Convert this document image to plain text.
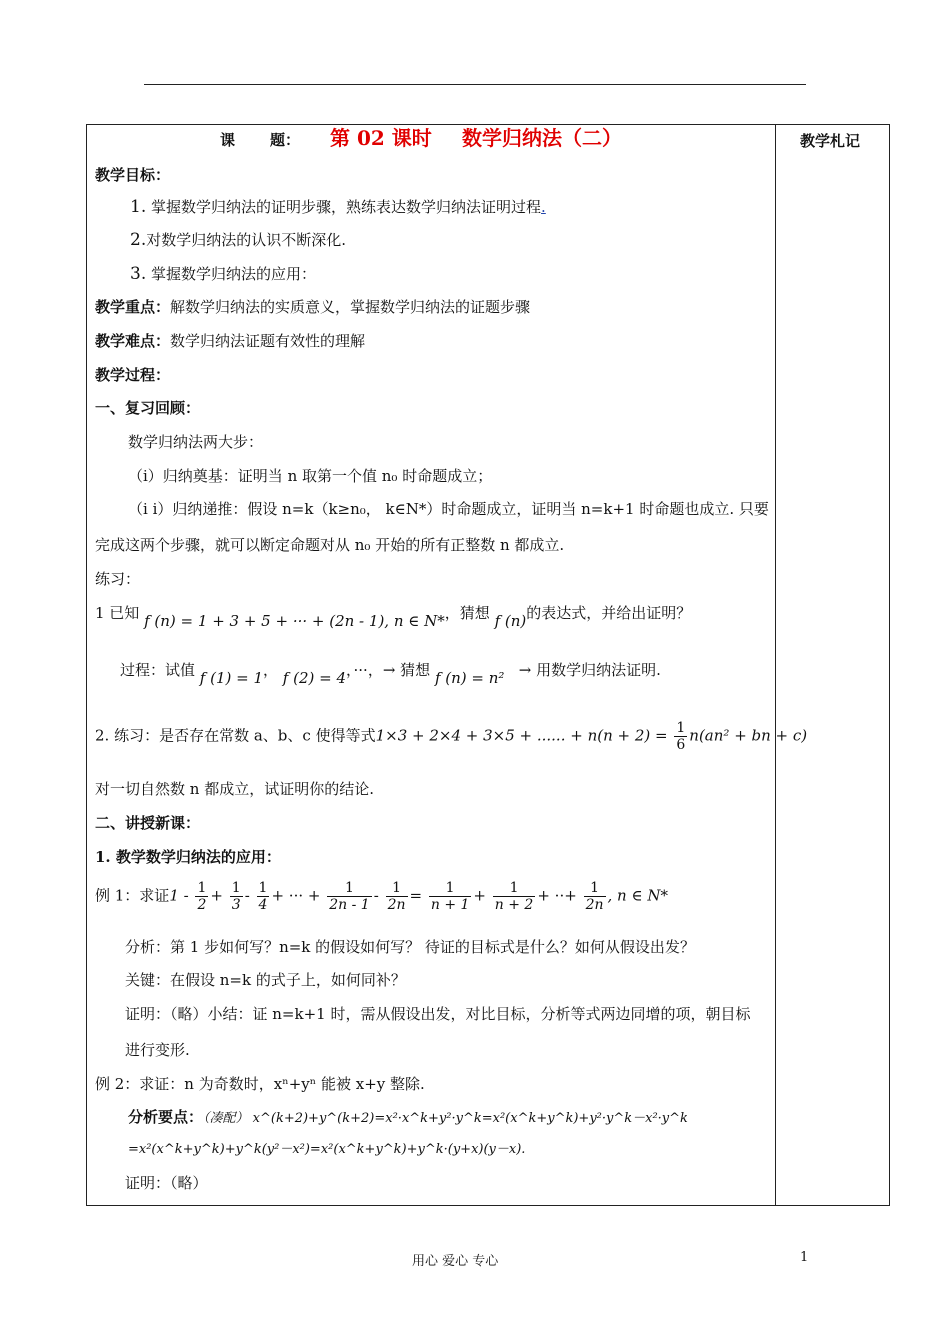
教学札记
课 题： 第 02 课时 数学归纳法（二）
教学目标：
1. 掌握数学归纳法的证明步骤，熟练表达数学归纳法证明过程.
2.对数学归纳法的认识不断深化.
3. 掌握数学归纳法的应用：
教学重点：解数学归纳法的实质意义，掌握数学归纳法的证题步骤
教学难点：数学归纳法证题有效性的理解
教学过程：
一、复习回顾：
数学归纳法两大步：
（i）归纳奠基：证明当 n 取第一个值 n₀ 时命题成立；
（i i）归纳递推：假设 n=k（k≥n₀， k∈N*）时命题成立，证明当 n=k+1 时命题也成立. 只要
完成这两个步骤，就可以断定命题对从 n₀ 开始的所有正整数 n 都成立.
练习：
1 已知 f (n) = 1 + 3 + 5 + ··· + (2n - 1), n ∈ N*，猜想 f (n)的表达式，并给出证明？
过程：试值 f (1) = 1， f (2) = 4，···，→ 猜想 f (n) = n² → 用数学归纳法证明.
2. 练习：是否存在常数 a、b、c 使得等式1×3 + 2×4 + 3×5 + ...... + $n(n + 2) = \frac{1}{6} n(an^2$ + bn + c)
对一切自然数 n 都成立，试证明你的结论.
二、讲授新课：
1. 教学数学归纳法的应用：
例 1：求证$1 - \frac{1}{2} + \frac{1}{3} - \frac{1}{4}$ + ··· + $\frac{1}{2n - 1} - \frac{1}{2n} = \frac{1}{n + 1} + \frac{1}{n + 2}$ + ··+ $\frac{1}{2n}$ , n ∈ N*
分析：第 1 步如何写？n=k 的假设如何写？ 待证的目标式是什么？如何从假设出发？
关键：在假设 n=k 的式子上，如何同补？
证明：（略）小结：证 n=k+1 时，需从假设出发，对比目标，分析等式两边同增的项，朝目标
进行变形.
例 2：求证：n 为奇数时，xⁿ+yⁿ 能被 x+y 整除.
分析要点：（凑配） x^(k+2)+y^(k+2)=x²·x^k+y²·y^k=x²(x^k+y^k)+y²·y^k－x²·y^k
=x²(x^k+y^k)+y^k(y²－x²)=x²(x^k+y^k)+y^k·(y+x)(y－x).
证明：（略）
用心 爱心 专心	1
